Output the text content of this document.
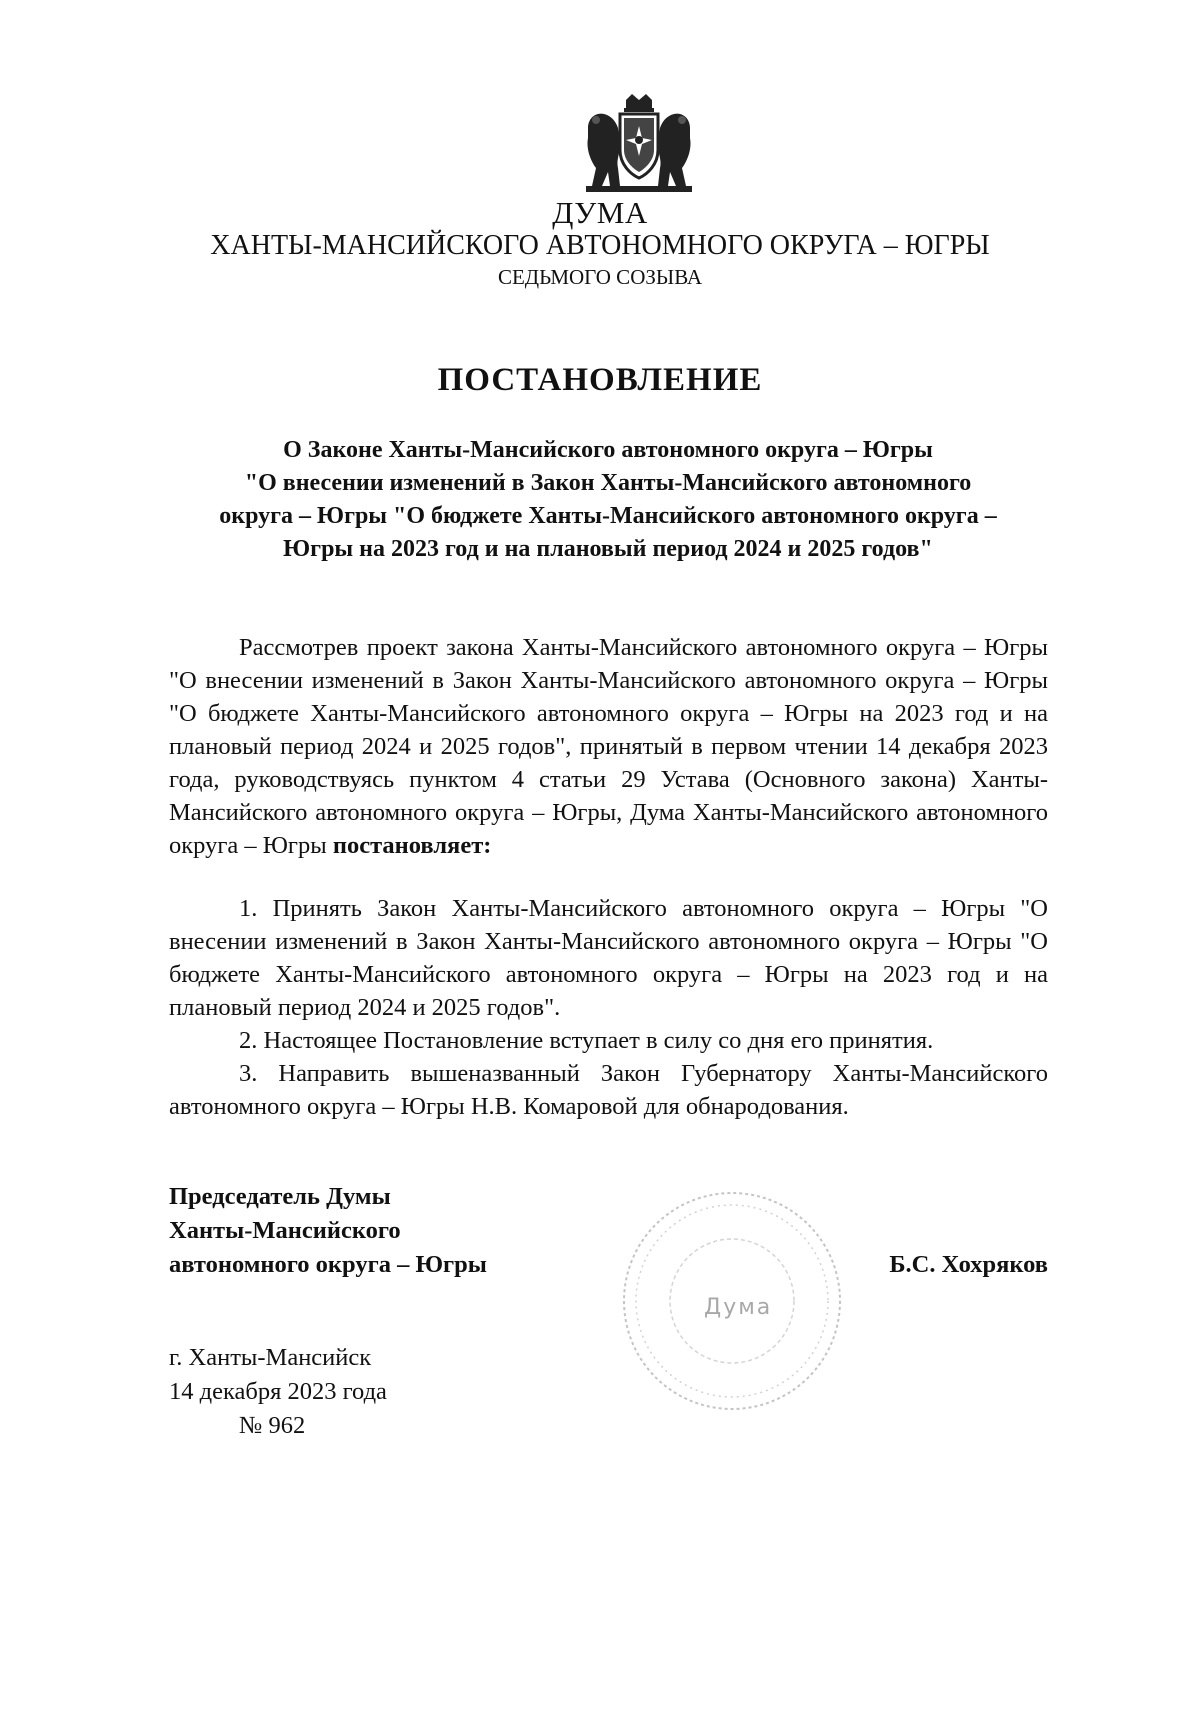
ДУМА
ХАНТЫ-МАНСИЙСКОГО АВТОНОМНОГО ОКРУГА – ЮГРЫ
СЕДЬМОГО СОЗЫВА
ПОСТАНОВЛЕНИЕ
О Законе Ханты-Мансийского автономного округа – Югры
"О внесении изменений в Закон Ханты-Мансийского автономного
округа – Югры "О бюджете Ханты-Мансийского автономного округа –
Югры на 2023 год и на плановый период 2024 и 2025 годов"

Рассмотрев проект закона Ханты-Мансийского автономного округа – Югры "О внесении изменений в Закон Ханты-Мансийского автономного округа – Югры "О бюджете Ханты-Мансийского автономного округа – Югры на 2023 год и на плановый период 2024 и 2025 годов", принятый в первом чтении 14 декабря 2023 года, руководствуясь пунктом 4 статьи 29 Устава (Основного закона) Ханты-Мансийского автономного округа – Югры, Дума Ханты-Мансийского автономного округа – Югры постановляет:

1. Принять Закон Ханты-Мансийского автономного округа – Югры "О внесении изменений в Закон Ханты-Мансийского автономного округа – Югры "О бюджете Ханты-Мансийского автономного округа – Югры на 2023 год и на плановый период 2024 и 2025 годов".

2. Настоящее Постановление вступает в силу со дня его принятия.

3. Направить вышеназванный Закон Губернатору Ханты-Мансийского автономного округа – Югры Н.В. Комаровой для обнародования.

Председатель Думы
Ханты-Мансийского
автономного округа – Югры
Дума
Б.С. Хохряков
г. Ханты-Мансийск
14 декабря 2023 года
№ 962
